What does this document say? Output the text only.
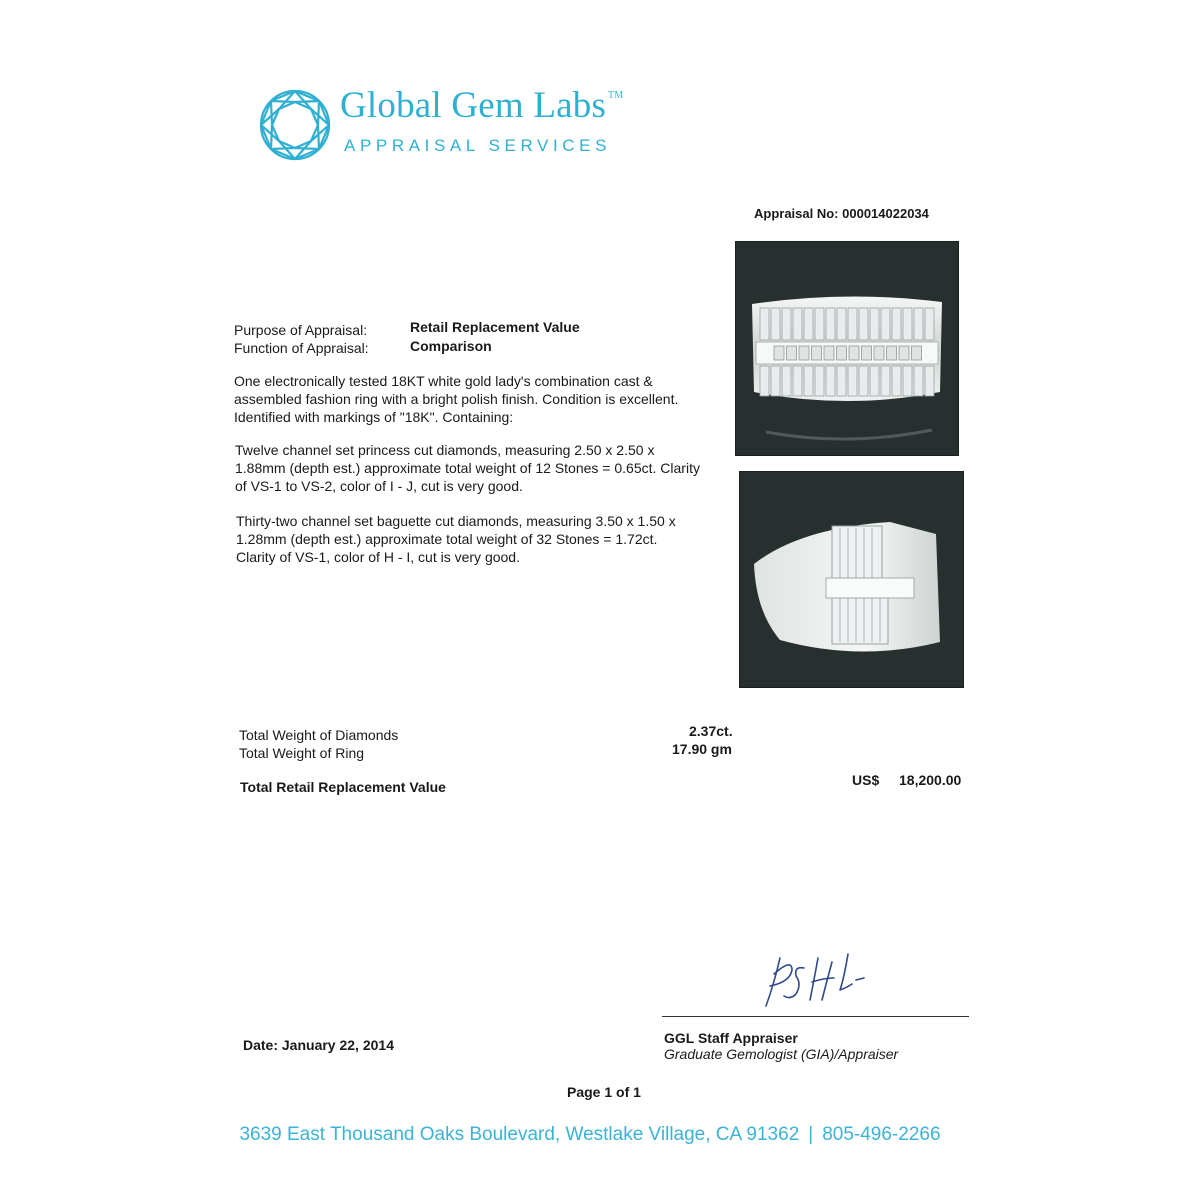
Global Gem Labs ™
APPRAISAL SERVICES
Appraisal No: 000014022034
Purpose of Appraisal:	Retail Replacement Value
Function of Appraisal:	Comparison
One electronically tested 18KT white gold lady's combination cast & assembled fashion ring with a bright polish finish. Condition is excellent. Identified with markings of "18K". Containing:
Twelve channel set princess cut diamonds, measuring 2.50 x 2.50 x 1.88mm (depth est.) approximate total weight of 12 Stones = 0.65ct. Clarity of VS-1 to VS-2, color of I - J, cut is very good.
Thirty-two channel set baguette cut diamonds, measuring 3.50 x 1.50 x 1.28mm (depth est.) approximate total weight of 32 Stones = 1.72ct. Clarity of VS-1, color of H - I, cut is very good.
Total Weight of Diamonds	2.37ct.
Total Weight of Ring	17.90 gm
Total Retail Replacement Value	US$ 18,200.00
GGL Staff Appraiser
Graduate Gemologist (GIA)/Appraiser
Date: January 22, 2014
Page 1 of 1
3639 East Thousand Oaks Boulevard, Westlake Village, CA 91362 | 805-496-2266
